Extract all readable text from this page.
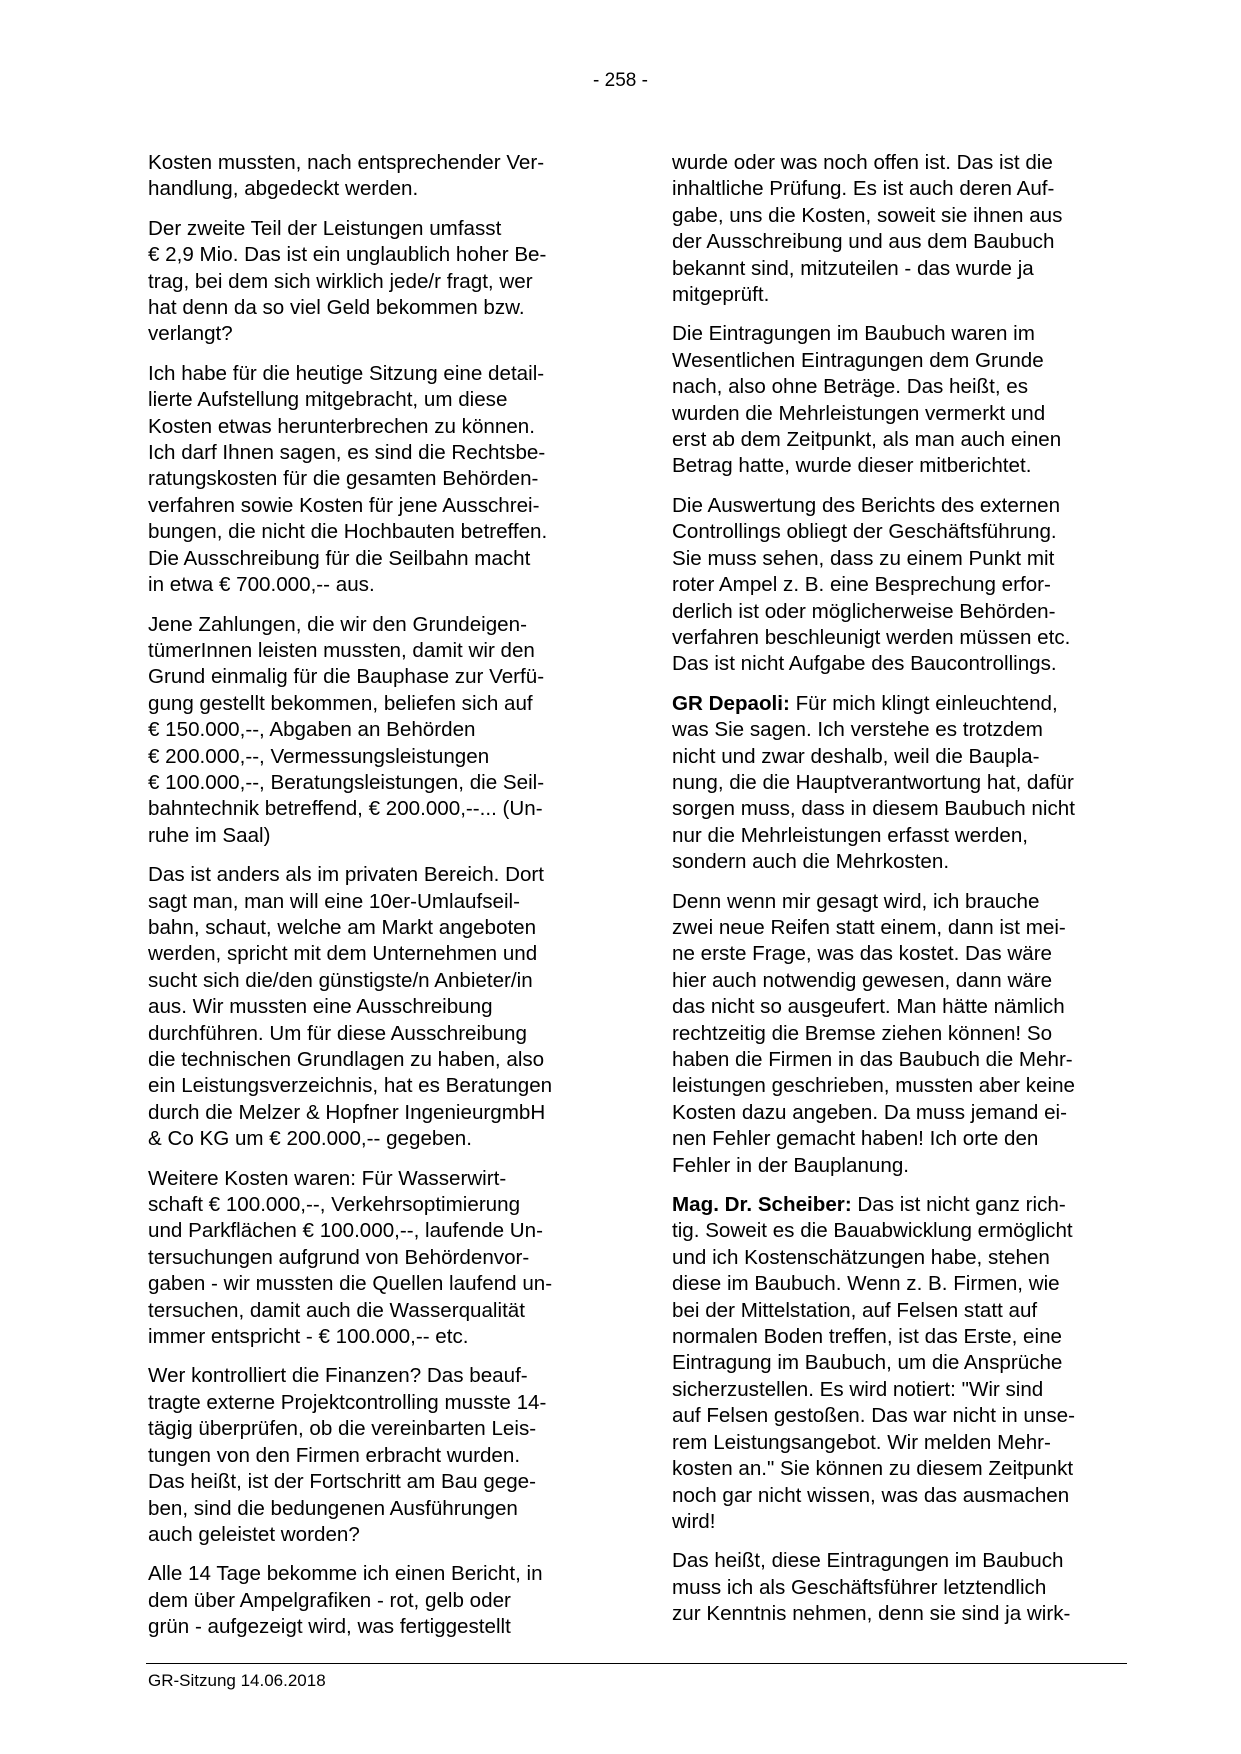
- 258 -
Kosten mussten, nach entsprechender Ver-
handlung, abgedeckt werden.
Der zweite Teil der Leistungen umfasst
€ 2,9 Mio. Das ist ein unglaublich hoher Be-
trag, bei dem sich wirklich jede/r fragt, wer
hat denn da so viel Geld bekommen bzw.
verlangt?
Ich habe für die heutige Sitzung eine detail-
lierte Aufstellung mitgebracht, um diese
Kosten etwas herunterbrechen zu können.
Ich darf Ihnen sagen, es sind die Rechtsbe-
ratungskosten für die gesamten Behörden-
verfahren sowie Kosten für jene Ausschrei-
bungen, die nicht die Hochbauten betreffen.
Die Ausschreibung für die Seilbahn macht
in etwa € 700.000,-- aus.
Jene Zahlungen, die wir den Grundeigen-
tümerInnen leisten mussten, damit wir den
Grund einmalig für die Bauphase zur Verfü-
gung gestellt bekommen, beliefen sich auf
€ 150.000,--, Abgaben an Behörden
€ 200.000,--, Vermessungsleistungen
€ 100.000,--, Beratungsleistungen, die Seil-
bahntechnik betreffend, € 200.000,--... (Un-
ruhe im Saal)
Das ist anders als im privaten Bereich. Dort
sagt man, man will eine 10er-Umlaufseil-
bahn, schaut, welche am Markt angeboten
werden, spricht mit dem Unternehmen und
sucht sich die/den günstigste/n Anbieter/in
aus. Wir mussten eine Ausschreibung
durchführen. Um für diese Ausschreibung
die technischen Grundlagen zu haben, also
ein Leistungsverzeichnis, hat es Beratungen
durch die Melzer & Hopfner IngenieurgmbH
& Co KG um € 200.000,-- gegeben.
Weitere Kosten waren: Für Wasserwirt-
schaft € 100.000,--, Verkehrsoptimierung
und Parkflächen € 100.000,--, laufende Un-
tersuchungen aufgrund von Behördenvor-
gaben - wir mussten die Quellen laufend un-
tersuchen, damit auch die Wasserqualität
immer entspricht - € 100.000,-- etc.
Wer kontrolliert die Finanzen? Das beauf-
tragte externe Projektcontrolling musste 14-
tägig überprüfen, ob die vereinbarten Leis-
tungen von den Firmen erbracht wurden.
Das heißt, ist der Fortschritt am Bau gege-
ben, sind die bedungenen Ausführungen
auch geleistet worden?
Alle 14 Tage bekomme ich einen Bericht, in
dem über Ampelgrafiken - rot, gelb oder
grün - aufgezeigt wird, was fertiggestellt
wurde oder was noch offen ist. Das ist die
inhaltliche Prüfung. Es ist auch deren Auf-
gabe, uns die Kosten, soweit sie ihnen aus
der Ausschreibung und aus dem Baubuch
bekannt sind, mitzuteilen - das wurde ja
mitgeprüft.
Die Eintragungen im Baubuch waren im
Wesentlichen Eintragungen dem Grunde
nach, also ohne Beträge. Das heißt, es
wurden die Mehrleistungen vermerkt und
erst ab dem Zeitpunkt, als man auch einen
Betrag hatte, wurde dieser mitberichtet.
Die Auswertung des Berichts des externen
Controllings obliegt der Geschäftsführung.
Sie muss sehen, dass zu einem Punkt mit
roter Ampel z. B. eine Besprechung erfor-
derlich ist oder möglicherweise Behörden-
verfahren beschleunigt werden müssen etc.
Das ist nicht Aufgabe des Baucontrollings.
GR Depaoli: Für mich klingt einleuchtend,
was Sie sagen. Ich verstehe es trotzdem
nicht und zwar deshalb, weil die Baupla-
nung, die die Hauptverantwortung hat, dafür
sorgen muss, dass in diesem Baubuch nicht
nur die Mehrleistungen erfasst werden,
sondern auch die Mehrkosten.
Denn wenn mir gesagt wird, ich brauche
zwei neue Reifen statt einem, dann ist mei-
ne erste Frage, was das kostet. Das wäre
hier auch notwendig gewesen, dann wäre
das nicht so ausgeufert. Man hätte nämlich
rechtzeitig die Bremse ziehen können! So
haben die Firmen in das Baubuch die Mehr-
leistungen geschrieben, mussten aber keine
Kosten dazu angeben. Da muss jemand ei-
nen Fehler gemacht haben! Ich orte den
Fehler in der Bauplanung.
Mag. Dr. Scheiber: Das ist nicht ganz rich-
tig. Soweit es die Bauabwicklung ermöglicht
und ich Kostenschätzungen habe, stehen
diese im Baubuch. Wenn z. B. Firmen, wie
bei der Mittelstation, auf Felsen statt auf
normalen Boden treffen, ist das Erste, eine
Eintragung im Baubuch, um die Ansprüche
sicherzustellen. Es wird notiert: "Wir sind
auf Felsen gestoßen. Das war nicht in unse-
rem Leistungsangebot. Wir melden Mehr-
kosten an." Sie können zu diesem Zeitpunkt
noch gar nicht wissen, was das ausmachen
wird!
Das heißt, diese Eintragungen im Baubuch
muss ich als Geschäftsführer letztendlich
zur Kenntnis nehmen, denn sie sind ja wirk-
GR-Sitzung 14.06.2018
